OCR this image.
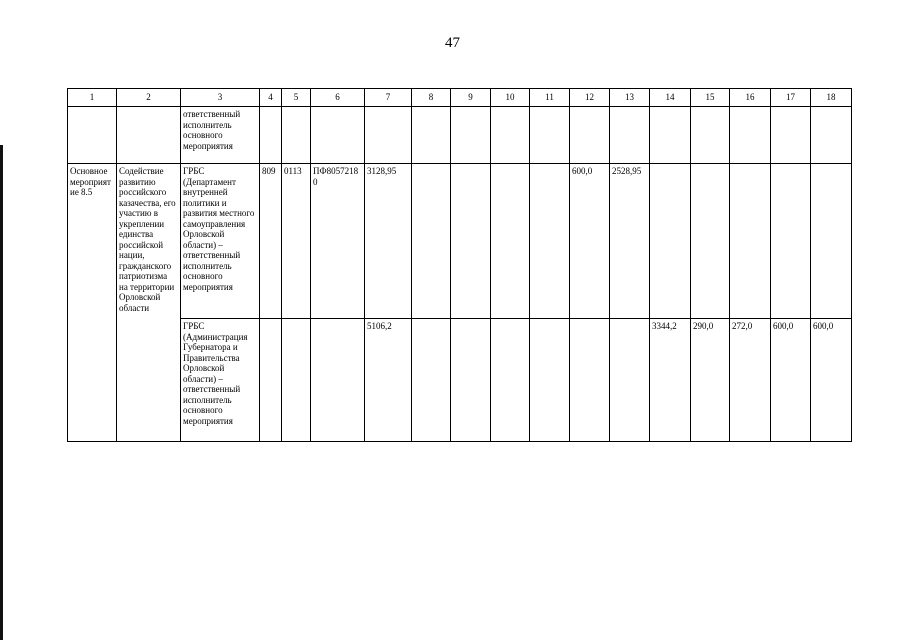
47
1	2	3	4	5	6	7	8	9	10	11	12	13	14	15	16	17	18
		ответственный исполнитель основного мероприятия															
Основное мероприятие 8.5	Содействие развитию российского казачества, его участию в укреплении единства российской нации, гражданского патриотизма на территории Орловской области	ГРБС (Департамент внутренней политики и развития местного самоуправления Орловской области) – ответственный исполнитель основного мероприятия	809	0113	ПФ80572180	3128,95					600,0	2528,95					
		ГРБС (Администрация Губернатора и Правительства Орловской области) – ответственный исполнитель основного мероприятия				5106,2							3344,2	290,0	272,0	600,0	600,0
